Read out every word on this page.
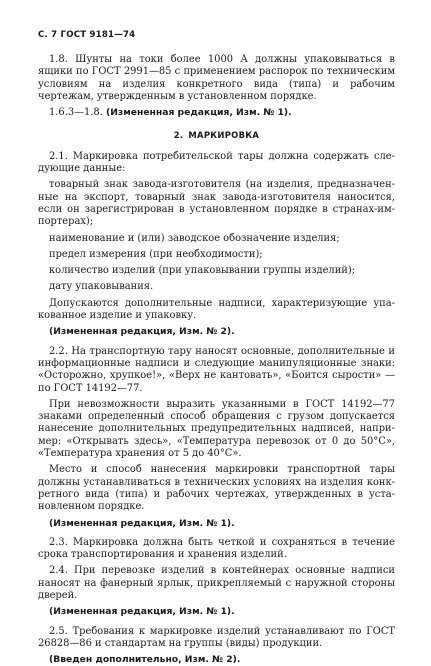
С. 7 ГОСТ 9181—74

1.8. Шунты на токи более 1000 А должны упаковываться в ящики по ГОСТ 2991—85 с применением распорок по техническим условиям на изделия конкретного вида (типа) и рабочим чертежам, утвержденным в установленном порядке.

1.6.3—1.8. (Измененная редакция, Изм. № 1).

2. МАРКИРОВКА

2.1. Маркировка потребительской тары должна содержать следующие данные:

товарный знак завода-изготовителя (на изделия, предназначенные на экспорт, товарный знак завода-изготовителя наносится, если он зарегистрирован в установленном порядке в странах-импортерах);

наименование и (или) заводское обозначение изделия;

предел измерения (при необходимости);

количество изделий (при упаковывании группы изделий);

дату упаковывания.

Допускаются дополнительные надписи, характеризующие упакованное изделие и упаковку.

(Измененная редакция, Изм. № 2).

2.2. На транспортную тару наносят основные, дополнительные и информационные надписи и следующие манипуляционные знаки: «Осторожно, хрупкое!», «Верх не кантовать», «Боится сырости» — по ГОСТ 14192—77.

При невозможности выразить указанными в ГОСТ 14192—77 знаками определенный способ обращения с грузом допускается нанесение дополнительных предупредительных надписей, например: «Открывать здесь», «Температура перевозок от 0 до 50°С», «Температура хранения от 5 до 40°С».

Место и способ нанесения маркировки транспортной тары должны устанавливаться в технических условиях на изделия конкретного вида (типа) и рабочих чертежах, утвержденных в установленном порядке.

(Измененная редакция, Изм. № 1).

2.3. Маркировка должна быть четкой и сохраняться в течение срока транспортирования и хранения изделий.

2.4. При перевозке изделий в контейнерах основные надписи наносят на фанерный ярлык, прикрепляемый с наружной стороны дверей.

(Измененная редакция, Изм. № 1).

2.5. Требования к маркировке изделий устанавливают по ГОСТ 26828—86 и стандартам на группы (виды) продукции.

(Введен дополнительно, Изм. № 2).
